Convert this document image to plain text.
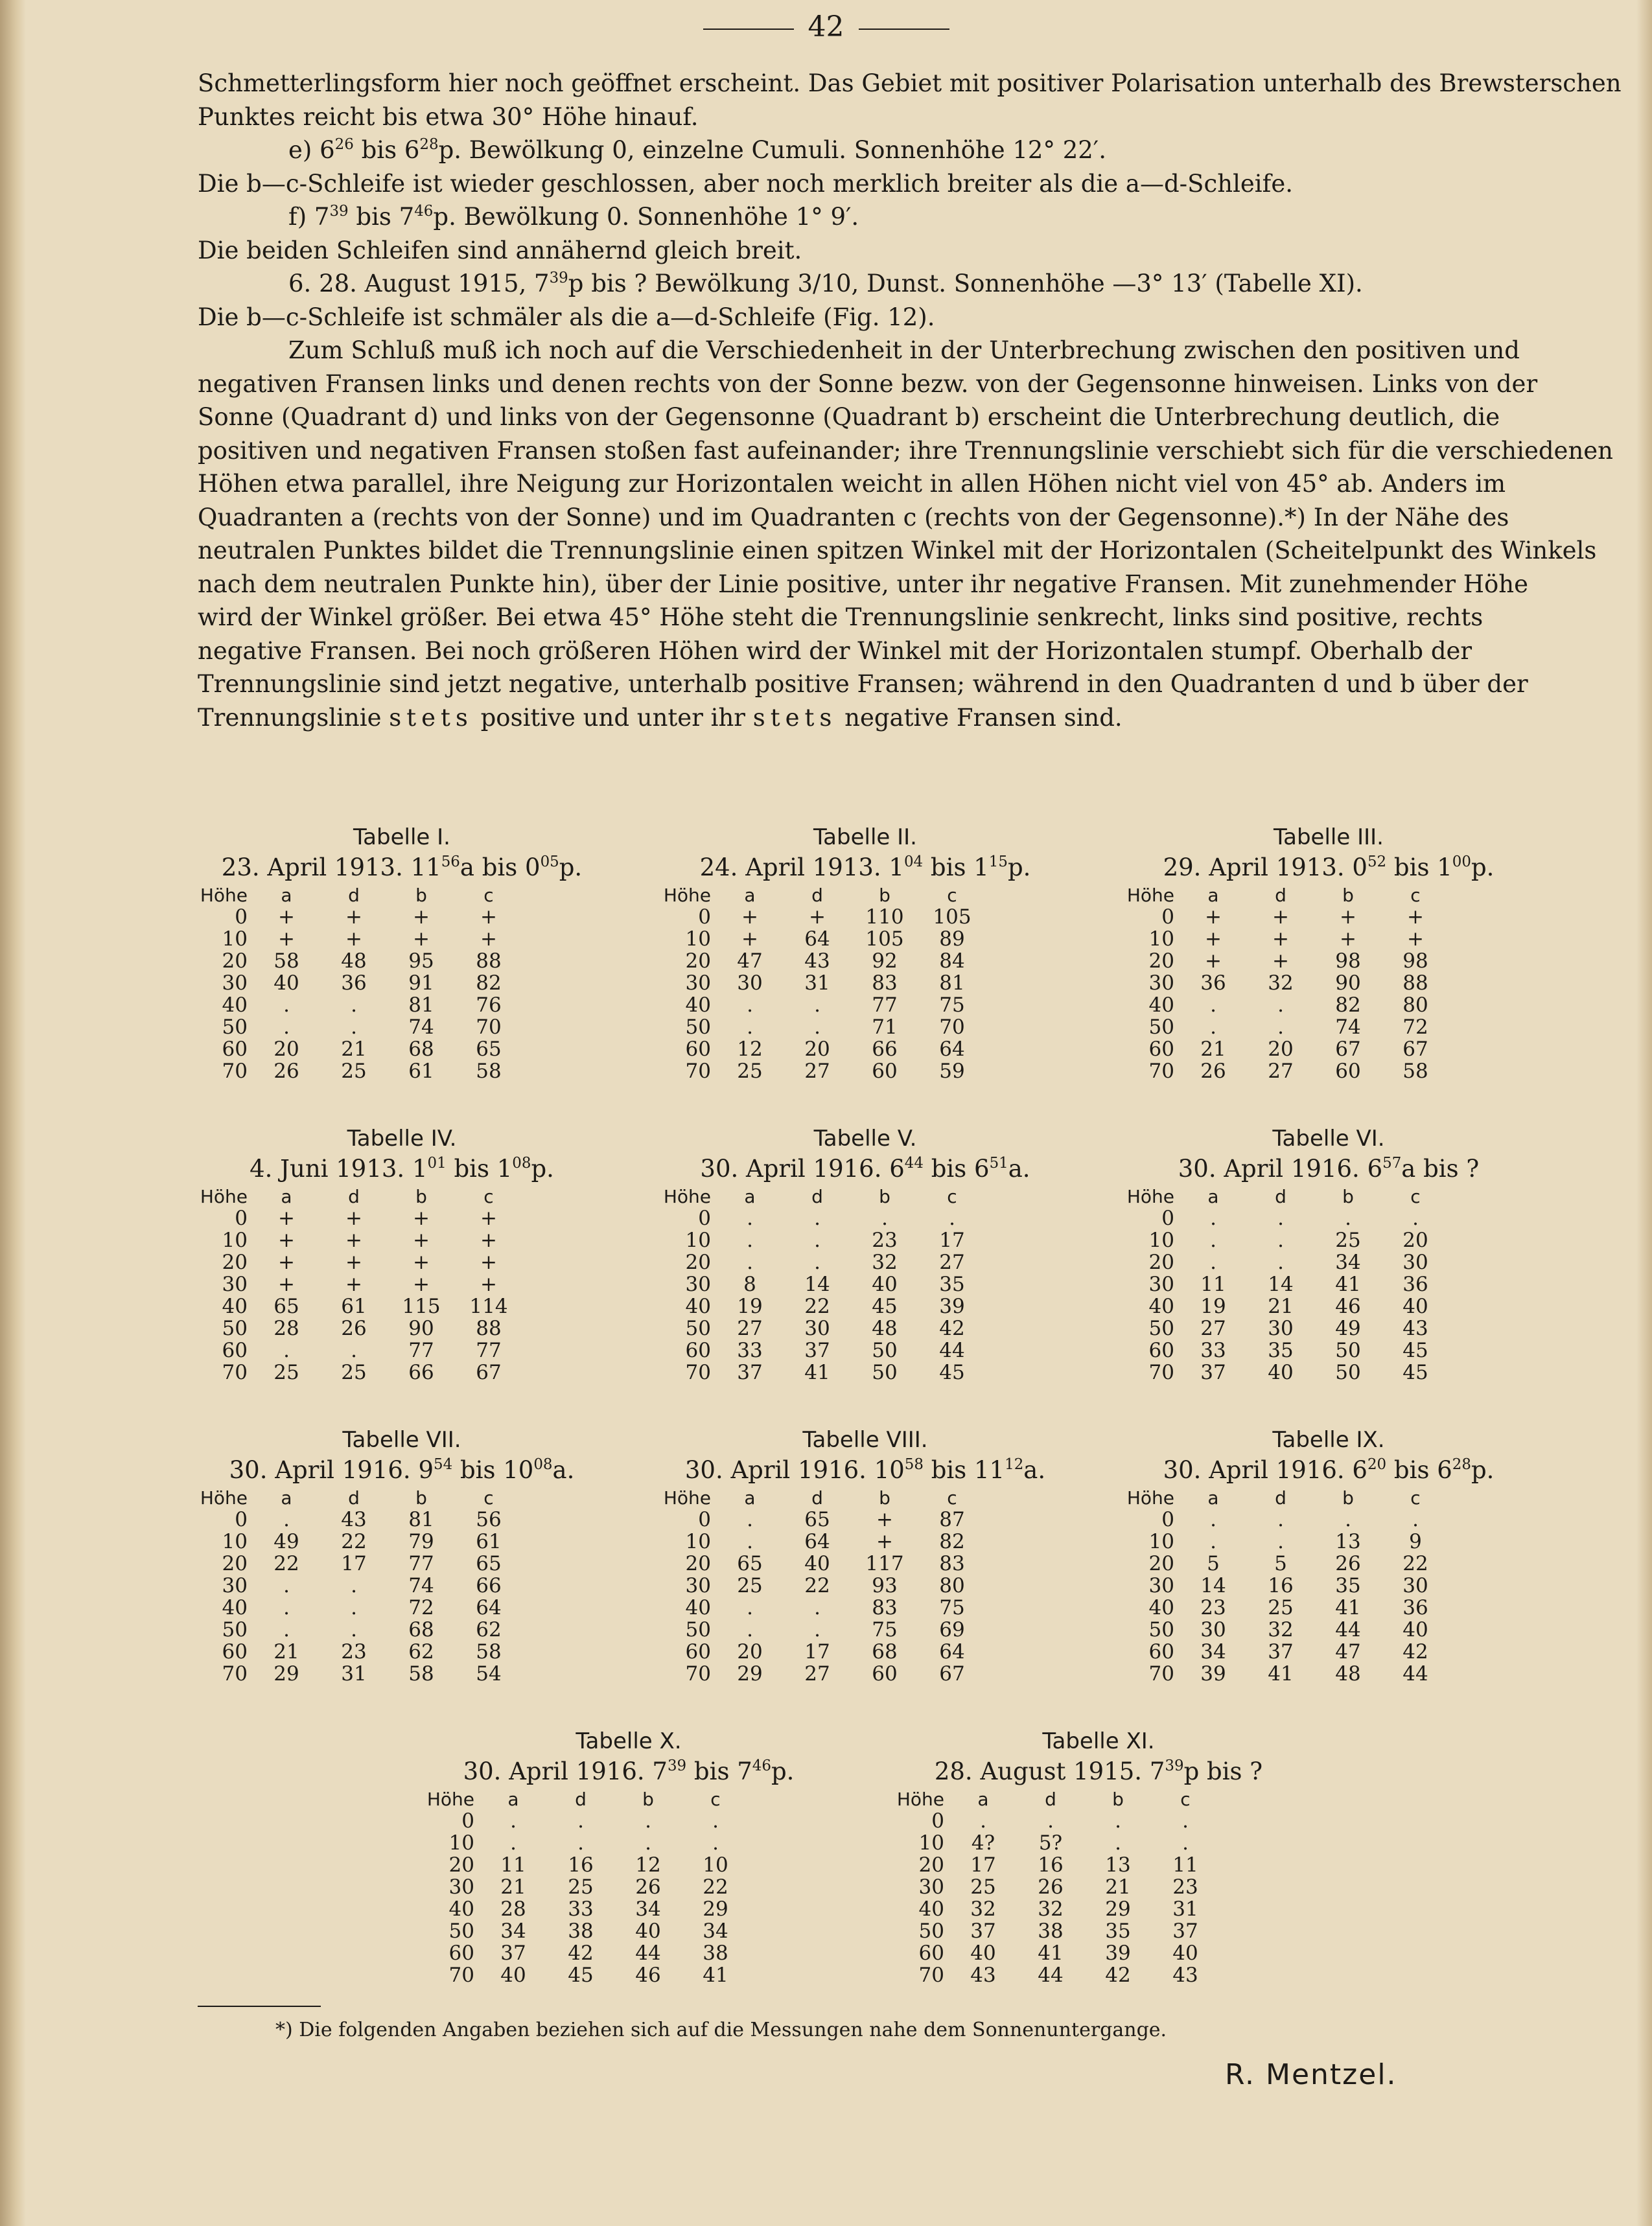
42
Schmetterlingsform hier noch geöffnet erscheint. Das Gebiet mit positiver Polarisation unterhalb des Brewsterschen
Punktes reicht bis etwa 30° Höhe hinauf.
e) $6^{26}$ bis $6^{28}p$. Bewölkung 0, einzelne Cumuli. Sonnenhöhe 12° 22′.
Die b—c-Schleife ist wieder geschlossen, aber noch merklich breiter als die a—d-Schleife.
f) $7^{39}$ bis $7^{46}p$. Bewölkung 0. Sonnenhöhe 1° 9′.
Die beiden Schleifen sind annähernd gleich breit.
6. 28. August 1915, $7^{39}p$ bis ? Bewölkung 3/10, Dunst. Sonnenhöhe —3° 13′ (Tabelle XI).
Die b—c-Schleife ist schmäler als die a—d-Schleife (Fig. 12).
Zum Schluß muß ich noch auf die Verschiedenheit in der Unterbrechung zwischen den positiven und
negativen Fransen links und denen rechts von der Sonne bezw. von der Gegensonne hinweisen. Links von der
Sonne (Quadrant d) und links von der Gegensonne (Quadrant b) erscheint die Unterbrechung deutlich, die
positiven und negativen Fransen stoßen fast aufeinander; ihre Trennungslinie verschiebt sich für die verschiedenen
Höhen etwa parallel, ihre Neigung zur Horizontalen weicht in allen Höhen nicht viel von 45° ab. Anders im
Quadranten a (rechts von der Sonne) und im Quadranten c (rechts von der Gegensonne).*) In der Nähe des
neutralen Punktes bildet die Trennungslinie einen spitzen Winkel mit der Horizontalen (Scheitelpunkt des Winkels
nach dem neutralen Punkte hin), über der Linie positive, unter ihr negative Fransen. Mit zunehmender Höhe
wird der Winkel größer. Bei etwa 45° Höhe steht die Trennungslinie senkrecht, links sind positive, rechts
negative Fransen. Bei noch größeren Höhen wird der Winkel mit der Horizontalen stumpf. Oberhalb der
Trennungslinie sind jetzt negative, unterhalb positive Fransen; während in den Quadranten d und b über der
Trennungslinie stets positive und unter ihr stets negative Fransen sind.
Tabelle I.
23. April 1913. $11^{56}a$ bis $0^{05}p$.
Höhe	a	d	b	c
0	+	+	+	+
10	+	+	+	+
20	58	48	95	88
30	40	36	91	82
40	.	.	81	76
50	.	.	74	70
60	20	21	68	65
70	26	25	61	58
Tabelle II.
24. April 1913. $1^{04}$ bis $1^{15}p$.
Höhe	a	d	b	c
0	+	+	110	105
10	+	64	105	89
20	47	43	92	84
30	30	31	83	81
40	.	.	77	75
50	.	.	71	70
60	12	20	66	64
70	25	27	60	59
Tabelle III.
29. April 1913. $0^{52}$ bis $1^{00}p$.
Höhe	a	d	b	c
0	+	+	+	+
10	+	+	+	+
20	+	+	98	98
30	36	32	90	88
40	.	.	82	80
50	.	.	74	72
60	21	20	67	67
70	26	27	60	58
Tabelle IV.
4. Juni 1913. $1^{01}$ bis $1^{08}p$.
Höhe	a	d	b	c
0	+	+	+	+
10	+	+	+	+
20	+	+	+	+
30	+	+	+	+
40	65	61	115	114
50	28	26	90	88
60	.	.	77	77
70	25	25	66	67
Tabelle V.
30. April 1916. $6^{44}$ bis $6^{51}a$.
Höhe	a	d	b	c
0	.	.	.	.
10	.	.	23	17
20	.	.	32	27
30	8	14	40	35
40	19	22	45	39
50	27	30	48	42
60	33	37	50	44
70	37	41	50	45
Tabelle VI.
30. April 1916. $6^{57}a$ bis ?
Höhe	a	d	b	c
0	.	.	.	.
10	.	.	25	20
20	.	.	34	30
30	11	14	41	36
40	19	21	46	40
50	27	30	49	43
60	33	35	50	45
70	37	40	50	45
Tabelle VII.
30. April 1916. $9^{54}$ bis $10^{08}a$.
Höhe	a	d	b	c
0	.	43	81	56
10	49	22	79	61
20	22	17	77	65
30	.	.	74	66
40	.	.	72	64
50	.	.	68	62
60	21	23	62	58
70	29	31	58	54
Tabelle VIII.
30. April 1916. $10^{58}$ bis $11^{12}a$.
Höhe	a	d	b	c
0	.	65	+	87
10	.	64	+	82
20	65	40	117	83
30	25	22	93	80
40	.	.	83	75
50	.	.	75	69
60	20	17	68	64
70	29	27	60	67
Tabelle IX.
30. April 1916. $6^{20}$ bis $6^{28}p$.
Höhe	a	d	b	c
0	.	.	.	.
10	.	.	13	9
20	5	5	26	22
30	14	16	35	30
40	23	25	41	36
50	30	32	44	40
60	34	37	47	42
70	39	41	48	44
Tabelle X.
30. April 1916. $7^{39}$ bis $7^{46}p$.
Höhe	a	d	b	c
0	.	.	.	.
10	.	.	.	.
20	11	16	12	10
30	21	25	26	22
40	28	33	34	29
50	34	38	40	34
60	37	42	44	38
70	40	45	46	41
Tabelle XI.
28. August 1915. $7^{39}p$ bis ?
Höhe	a	d	b	c
0	.	.	.	.
10	4?	5?	.	.
20	17	16	13	11
30	25	26	21	23
40	32	32	29	31
50	37	38	35	37
60	40	41	39	40
70	43	44	42	43
*) Die folgenden Angaben beziehen sich auf die Messungen nahe dem Sonnenuntergange.
R. Mentzel.
